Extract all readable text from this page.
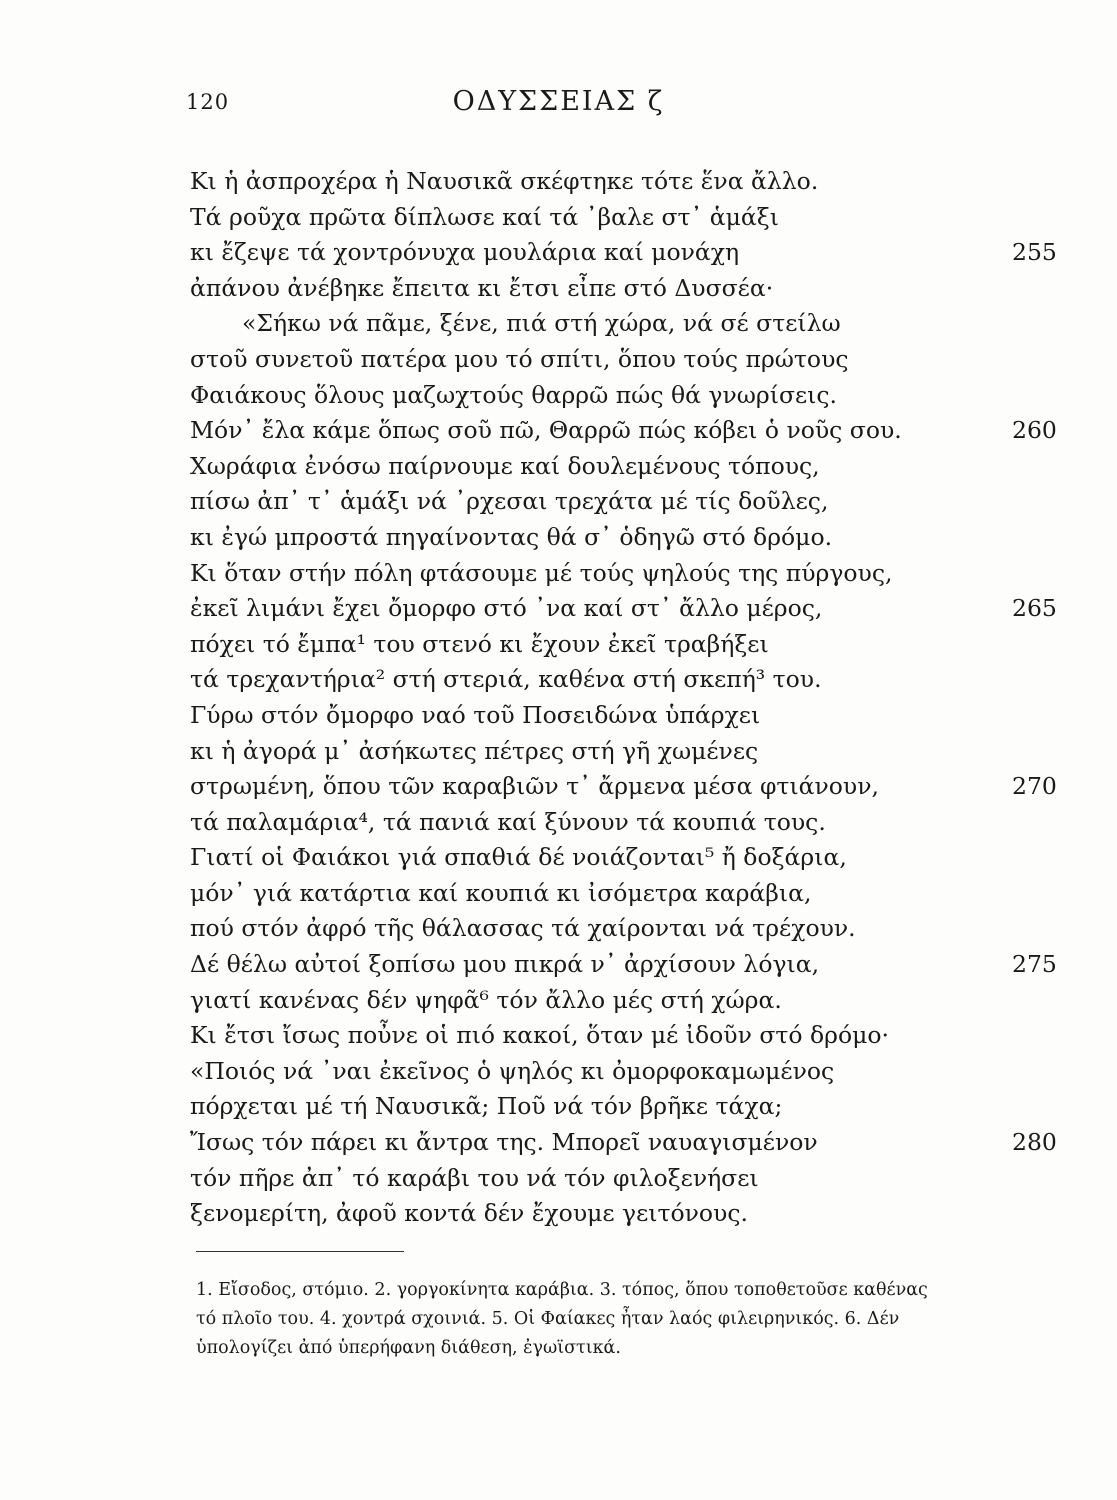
120	ΟΔΥΣΣΕΙΑΣ ζ
Κι ἡ ἀσπροχέρα ἡ Ναυσικᾶ σκέφτηκε τότε ἕνα ἄλλο.
Τά ροῦχα πρῶτα δίπλωσε καί τά ᾽βαλε στ᾽ ἁμάξι
κι ἔζεψε τά χοντρόνυχα μουλάρια καί μονάχη	255
ἀπάνου ἀνέβηκε ἔπειτα κι ἔτσι εἶπε στό Δυσσέα·
«Σήκω νά πᾶμε, ξένε, πιά στή χώρα, νά σέ στείλω
στοῦ συνετοῦ πατέρα μου τό σπίτι, ὅπου τούς πρώτους
Φαιάκους ὅλους μαζωχτούς θαρρῶ πώς θά γνωρίσεις.
Μόν᾽ ἔλα κάμε ὅπως σοῦ πῶ, Θαρρῶ πώς κόβει ὁ νοῦς σου.	260
Χωράφια ἐνόσω παίρνουμε καί δουλεμένους τόπους,
πίσω ἀπ᾽ τ᾽ ἁμάξι νά ᾽ρχεσαι τρεχάτα μέ τίς δοῦλες,
κι ἐγώ μπροστά πηγαίνοντας θά σ᾽ ὁδηγῶ στό δρόμο.
Κι ὅταν στήν πόλη φτάσουμε μέ τούς ψηλούς της πύργους,
ἐκεῖ λιμάνι ἔχει ὄμορφο στό ᾽να καί στ᾽ ἄλλο μέρος,	265
πόχει τό ἔμπα¹ του στενό κι ἔχουν ἐκεῖ τραβήξει
τά τρεχαντήρια² στή στεριά, καθένα στή σκεπή³ του.
Γύρω στόν ὄμορφο ναό τοῦ Ποσειδώνα ὑπάρχει
κι ἡ ἀγορά μ᾽ ἀσήκωτες πέτρες στή γῆ χωμένες
στρωμένη, ὅπου τῶν καραβιῶν τ᾽ ἄρμενα μέσα φτιάνουν,	270
τά παλαμάρια⁴, τά πανιά καί ξύνουν τά κουπιά τους.
Γιατί οἱ Φαιάκοι γιά σπαθιά δέ νοιάζονται⁵ ἤ δοξάρια,
μόν᾽ γιά κατάρτια καί κουπιά κι ἰσόμετρα καράβια,
πού στόν ἀφρό τῆς θάλασσας τά χαίρονται νά τρέχουν.
Δέ θέλω αὐτοί ξοπίσω μου πικρά ν᾽ ἀρχίσουν λόγια,	275
γιατί κανένας δέν ψηφᾶ⁶ τόν ἄλλο μές στή χώρα.
Κι ἔτσι ἴσως ποὖνε οἱ πιό κακοί, ὅταν μέ ἰδοῦν στό δρόμο·
«Ποιός νά ᾽ναι ἐκεῖνος ὁ ψηλός κι ὀμορφοκαμωμένος
πόρχεται μέ τή Ναυσικᾶ; Ποῦ νά τόν βρῆκε τάχα;
Ἴσως τόν πάρει κι ἄντρα της. Μπορεῖ ναυαγισμένον	280
τόν πῆρε ἀπ᾽ τό καράβι του νά τόν φιλοξενήσει
ξενομερίτη, ἀφοῦ κοντά δέν ἔχουμε γειτόνους.
1. Εἴσοδος, στόμιο. 2. γοργοκίνητα καράβια. 3. τόπος, ὅπου τοποθετοῦσε καθένας
τό πλοῖο του. 4. χοντρά σχοινιά. 5. Οἱ Φαίακες ἦταν λαός φιλειρηνικός. 6. Δέν
ὑπολογίζει ἀπό ὑπερήφανη διάθεση, ἐγωϊστικά.
